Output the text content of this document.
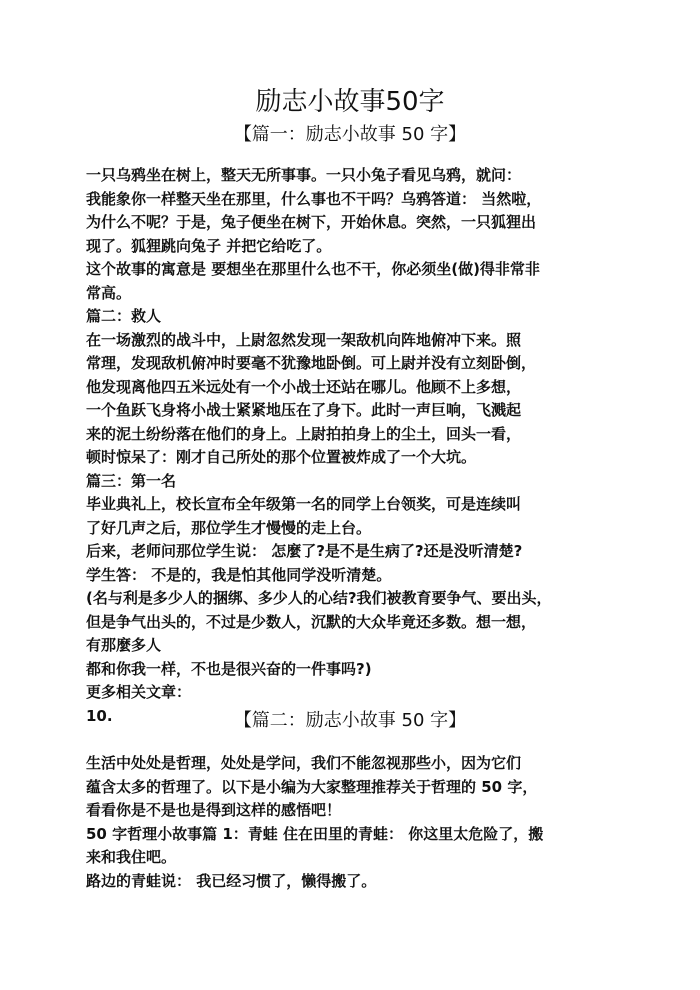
励志小故事50字
【篇一：励志小故事 50 字】
一只乌鸦坐在树上，整天无所事事。一只小兔子看见乌鸦，就问：
我能象你一样整天坐在那里，什么事也不干吗？乌鸦答道： 当然啦，
为什么不呢？于是，兔子便坐在树下，开始休息。突然，一只狐狸出
现了。狐狸跳向兔子 并把它给吃了。
这个故事的寓意是 要想坐在那里什么也不干，你必须坐(做)得非常非
常高。
篇二：救人
在一场激烈的战斗中，上尉忽然发现一架敌机向阵地俯冲下来。照
常理，发现敌机俯冲时要毫不犹豫地卧倒。可上尉并没有立刻卧倒，
他发现离他四五米远处有一个小战士还站在哪儿。他顾不上多想，
一个鱼跃飞身将小战士紧紧地压在了身下。此时一声巨响，飞溅起
来的泥土纷纷落在他们的身上。上尉拍拍身上的尘土，回头一看，
顿时惊呆了：刚才自己所处的那个位置被炸成了一个大坑。
篇三：第一名
毕业典礼上，校长宣布全年级第一名的同学上台领奖，可是连续叫
了好几声之后，那位学生才慢慢的走上台。
后来，老师问那位学生说： 怎麼了?是不是生病了?还是没听清楚?
学生答： 不是的，我是怕其他同学没听清楚。
(名与利是多少人的捆绑、多少人的心结?我们被教育要争气、要出头，
但是争气出头的，不过是少数人，沉默的大众毕竟还多数。想一想，
有那麼多人
都和你我一样，不也是很兴奋的一件事吗?)
更多相关文章：
10.	【篇二：励志小故事 50 字】
生活中处处是哲理，处处是学问，我们不能忽视那些小，因为它们
蕴含太多的哲理了。以下是小编为大家整理推荐关于哲理的 50 字，
看看你是不是也是得到这样的感悟吧！
50 字哲理小故事篇 1：青蛙 住在田里的青蛙： 你这里太危险了，搬
来和我住吧。
路边的青蛙说： 我已经习惯了，懒得搬了。
